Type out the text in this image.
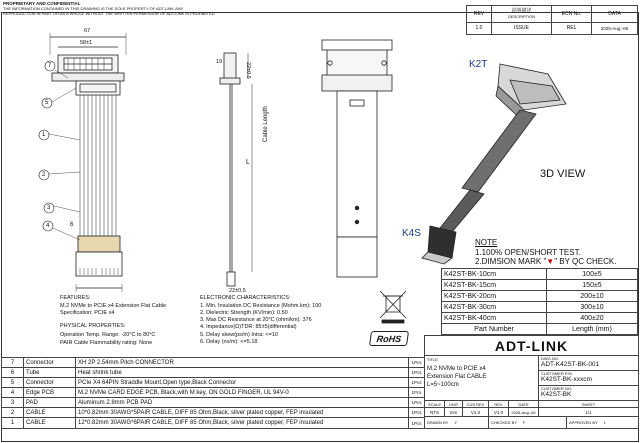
PROPRIETARY AND CONFIDENTIAL
THE INFORMATION CONTAINED IN THIS DRAWING IS THE SOLE PROPERTY OF ADT-LINK.ANY
REPRODUCTION IN PART OR AS A WHOLE WITHOUT THE WRITTEN PERMISSION OF ADT-LINK IS PROHIBITED	REV	说明描述
DESCRIPTION	ECN No.	DATA
1.0	ISSUE	REL	2025-Aug.-06
67
58±1
22±0.5
19
Cable Length
L
22±0.5
7
5
1
2
3
4	6
K2T
K4S
3D VIEW
NOTE
1.100% OPEN/SHORT TEST.
2.DIMSION MARK "▼" BY QC CHECK.
K42ST-BK-10cm	100±5
K42ST-BK-15cm	150±5
K42ST-BK-20cm	200±10
K42ST-BK-30cm	300±10
K42ST-BK-40cm	400±20
Part Number	Length (mm)
FEATURES:
M.2 NVMe to PCIE x4 Extension Flat Cable
Specification: PCIE x4
PHYSICAL PROPERTIES:
Operation Temp. Range: -20°C to 80°C
PAIR Cable Flammability rating: None
ELECTRONIC CHARACTERISTICS:
1. Min. Insulation DC Resistance (Mohm.km): 100
2. Dielectric Strength (KV/min): 0.50
3. Max DC Resistance at 20°C (ohm/km): 376
4. Impedance(Ω)TDR: 85±5(differential)
5. Delay skew(ps/m) Intra: <=10
6. Delay (ns/m): <=5.18	RoHS
7	Connector	XH 2P 2.54mm Pitch CONNECTOR	1Pcs
6	Tube	Heat shrink tube	1Pcs
5	Connector	PCIe X4 64PIN Straddle Mount,Open type,Black Connector	1Pcs
4	Edge PCB	M.2 NVMe CARD EDGE PCB, Black,with M key, ON GOLD FINGER, UL 94V-0	1Pcs
3	PAD	Aluminum 2.8mm PCB PAD	1Pcs
2	CABLE	10*0.82mm 30AWG*5PAIR CABLE, DIFF 85 Ohm,Black, silver plated copper, FEP insulated	1Pcs
1	CABLE	12*0.82mm 30AWG*6PAIR CABLE, DIFF 85 Ohm,Black, silver plated copper, FEP insulated	1Pcs
ADT-LINK
TITLE
M.2 NVMe to PCIE x4
Extension Flat CABLE
L=5~100cm
DWG.NO.
ADT-K42ST-BK-001
CUSTOMER P/N
K42ST-BK-xxxcm
CUSTOMER NO.
K42ST-BK
SCALE	UNIT	CUS.REV	REV	DATE	SHEET
NTS	mm	V1.0	V1.0	2025-Aug.-06	1/1
DRAWN BY Y	CHECKED BY F	APPROVED BY L
